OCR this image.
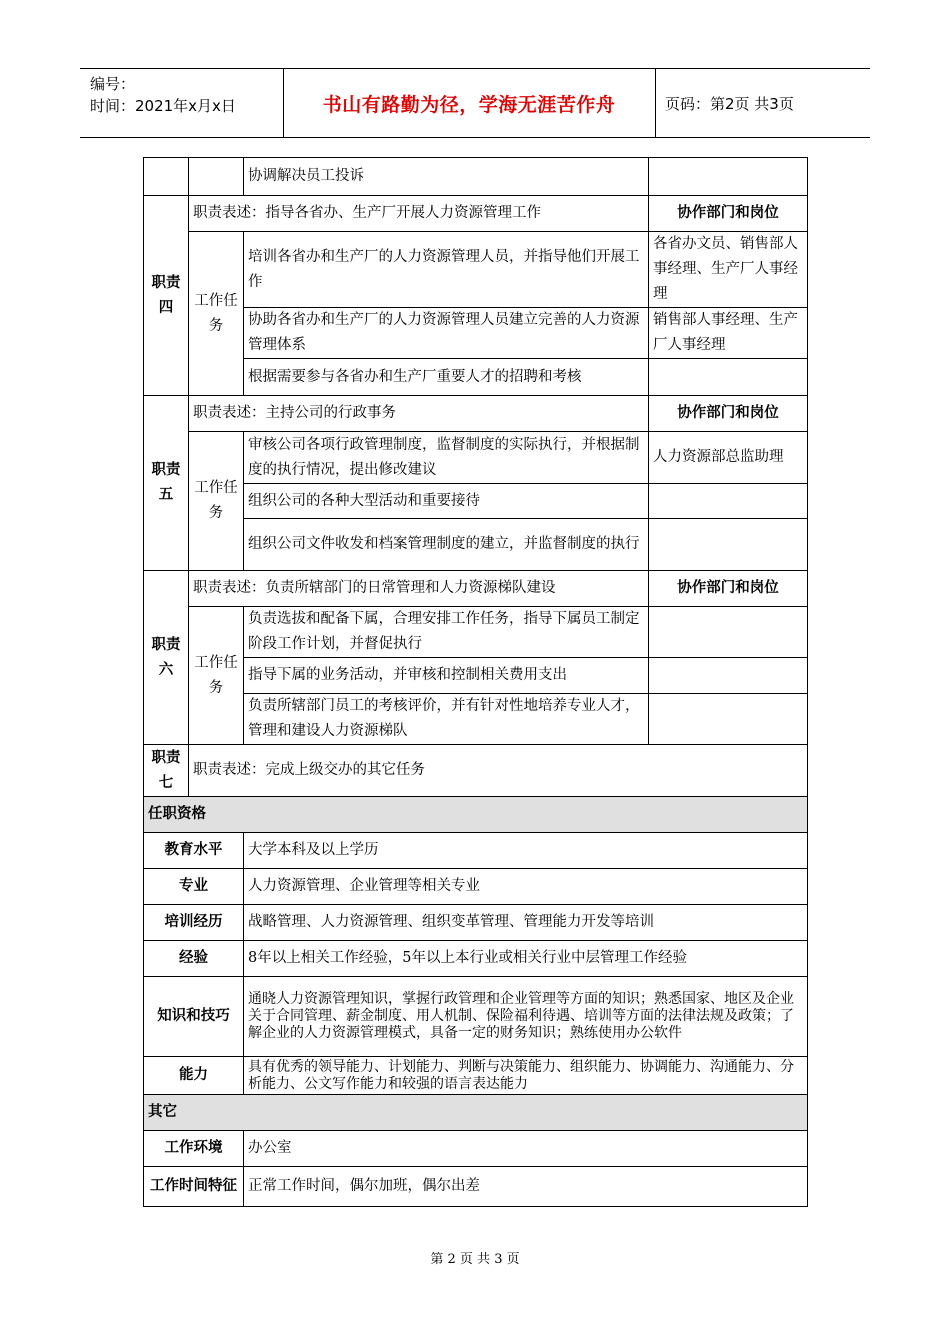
编号：
时间：2021年x月x日	书山有路勤为径，学海无涯苦作舟	页码：第2页 共3页
		协调解决员工投诉	
职责四	职责表述：指导各省办、生产厂开展人力资源管理工作		协作部门和岗位
	工作任务	培训各省办和生产厂的人力资源管理人员，并指导他们开展工作	各省办文员、销售部人事经理、生产厂人事经理
		协助各省办和生产厂的人力资源管理人员建立完善的人力资源管理体系	销售部人事经理、生产厂人事经理
		根据需要参与各省办和生产厂重要人才的招聘和考核	
职责五	职责表述：主持公司的行政事务		协作部门和岗位
	工作任务	审核公司各项行政管理制度，监督制度的实际执行，并根据制度的执行情况，提出修改建议	人力资源部总监助理
		组织公司的各种大型活动和重要接待	
		组织公司文件收发和档案管理制度的建立，并监督制度的执行	
职责六	职责表述：负责所辖部门的日常管理和人力资源梯队建设		协作部门和岗位
	工作任务	负责选拔和配备下属，合理安排工作任务，指导下属员工制定阶段工作计划，并督促执行	
		指导下属的业务活动，并审核和控制相关费用支出	
		负责所辖部门员工的考核评价，并有针对性地培养专业人才，管理和建设人力资源梯队	
职责七	职责表述：完成上级交办的其它任务		
任职资格			
教育水平		大学本科及以上学历	
专业		人力资源管理、企业管理等相关专业	
培训经历		战略管理、人力资源管理、组织变革管理、管理能力开发等培训	
经验		8年以上相关工作经验，5年以上本行业或相关行业中层管理工作经验	
知识和技巧		通晓人力资源管理知识，掌握行政管理和企业管理等方面的知识；熟悉国家、地区及企业关于合同管理、薪金制度、用人机制、保险福利待遇、培训等方面的法律法规及政策；了解企业的人力资源管理模式，具备一定的财务知识；熟练使用办公软件	
能力		具有优秀的领导能力、计划能力、判断与决策能力、组织能力、协调能力、沟通能力、分析能力、公文写作能力和较强的语言表达能力	
其它			
工作环境		办公室	
工作时间特征		正常工作时间，偶尔加班，偶尔出差	
第 2 页 共 3 页
